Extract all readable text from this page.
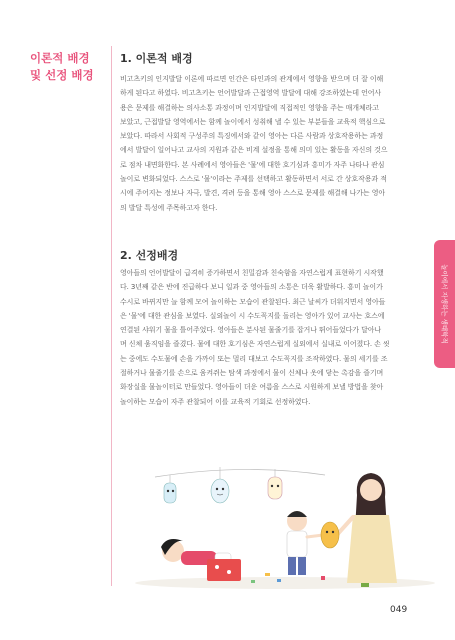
이론적 배경
및 선정 배경
1. 이론적 배경
비고츠키의 인지발달 이론에 따르면 인간은 타인과의 관계에서 영향을 받으며 더 잘 이해
하게 된다고 하였다. 비고츠키는 언어발달과 근접영역 발달에 대해 강조하였는데 언어사
용은 문제를 해결하는 의사소통 과정이며 인지발달에 직접적인 영향을 주는 매개체라고
보았고, 근접발달 영역에서는 함께 놀이에서 성취해 낼 수 있는 부분들을 교육적 핵심으로
보았다. 따라서 사회적 구성주의 특징에서와 같이 영아는 다른 사람과 상호작용하는 과정
에서 발달이 일어나고 교사의 지원과 같은 비계 설정을 통해 의미 있는 활동을 자신의 것으
로 점차 내면화한다. 본 사례에서 영아들은 '물'에 대한 호기심과 흥미가 자주 나타나 관심
놀이로 변화되었다. 스스로 '물'이라는 주제를 선택하고 활동하면서 서로 간 상호작용과 적
시에 주어지는 정보나 자극, 발견, 격려 등을 통해 영아 스스로 문제를 해결해 나가는 영아
의 발달 특성에 주목하고자 한다.
2. 선정배경
영아들의 언어발달이 급격히 증가하면서 친밀감과 친숙함을 자연스럽게 표현하기 시작했
다. 3년째 같은 반에 진급하다 보니 일과 중 영아들의 소통은 더욱 활발하다. 흥미 놀이가
수시로 바뀌지만 늘 함께 모여 놀이하는 모습이 관찰된다. 최근 날씨가 더워지면서 영아들
은 '물'에 대한 관심을 보였다. 실외놀이 시 수도꼭지를 돌리는 영아가 있어 교사는 호스에
연결된 샤워기 물을 틀어주었다. 영아들은 분사된 물줄기를 잡거나 뛰어들었다가 달아나
며 신체 움직임을 즐겼다. 물에 대한 호기심은 자연스럽게 실외에서 실내로 이어졌다. 손 씻
는 중에도 수도물에 손을 가까이 또는 멀리 대보고 수도꼭지를 조작하였다. 물의 세기를 조
절하거나 물줄기를 손으로 움켜쥐는 탐색 과정에서 물이 신체나 옷에 닿는 촉감을 즐기며
화장실을 물놀이터로 만들었다. 영아들이 더운 여름을 스스로 시원하게 보낼 방법을 찾아
놀이하는 모습이 자주 관찰되어 이를 교육적 기회로 선정하였다.
놀이에서 자생하는 생태학적
049
